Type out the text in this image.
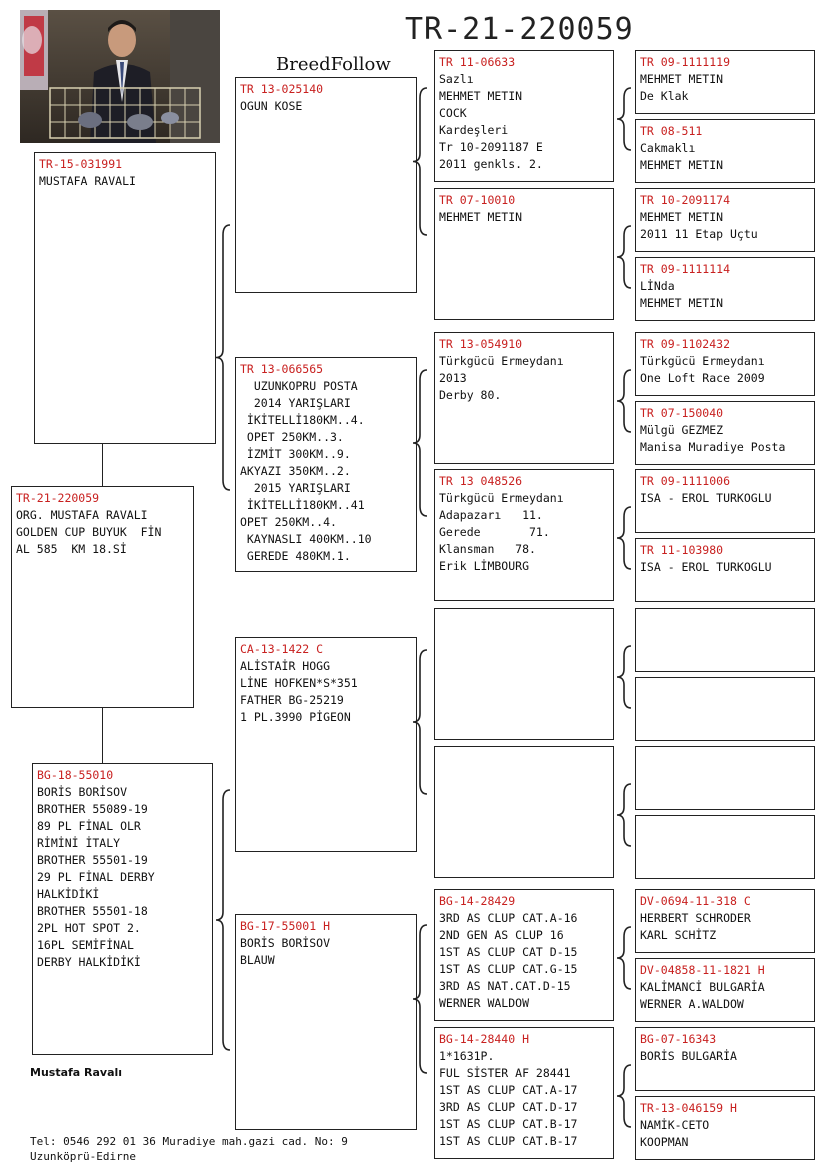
TR-21-220059
BreedFollow
TR-15-031991
MUSTAFA RAVALI
TR-21-220059
ORG. MUSTAFA RAVALI
GOLDEN CUP BUYUK  FİN
AL 585  KM 18.Sİ
BG-18-55010
BORİS BORİSOV
BROTHER 55089-19
89 PL FİNAL OLR
RİMİNİ İTALY
BROTHER 55501-19
29 PL FİNAL DERBY
HALKİDİKİ
BROTHER 55501-18
2PL HOT SPOT 2.
16PL SEMİFİNAL
DERBY HALKİDİKİ
TR 13-025140
OGUN KOSE
TR 13-066565
UZUNKOPRU POSTA
2014 YARIŞLARI
İKİTELLİ180KM..4.
OPET 250KM..3.
İZMİT 300KM..9.
AKYAZI 350KM..2.
2015 YARIŞLARI
İKİTELLİ180KM..41
OPET 250KM..4.
KAYNASLI 400KM..10
GEREDE 480KM.1.
CA-13-1422 C
ALİSTAİR HOGG
LİNE HOFKEN*S*351
FATHER BG-25219
1 PL.3990 PİGEON
BG-17-55001 H
BORİS BORİSOV
BLAUW
TR 11-06633
Sazlı
MEHMET METIN
COCK
Kardeşleri
Tr 10-2091187 E
2011 genkls. 2.
TR 07-10010
MEHMET METIN
TR 13-054910
Türkgücü Ermeydanı
2013
Derby 80.
TR 13 048526
Türkgücü Ermeydanı
Adapazarı   11.
Gerede       71.
Klansman   78.
Erik LİMBOURG
BG-14-28429
3RD AS CLUP CAT.A-16
2ND GEN AS CLUP 16
1ST AS CLUP CAT D-15
1ST AS CLUP CAT.G-15
3RD AS NAT.CAT.D-15
WERNER WALDOW
BG-14-28440 H
1*1631P.
FUL SİSTER AF 28441
1ST AS CLUP CAT.A-17
3RD AS CLUP CAT.D-17
1ST AS CLUP CAT.B-17
1ST AS CLUP CAT.B-17
TR 09-1111119
MEHMET METIN
De Klak
TR 08-511
Cakmaklı
MEHMET METIN
TR 10-2091174
MEHMET METIN
2011 11 Etap Uçtu
TR 09-1111114
LİNda
MEHMET METIN
TR 09-1102432
Türkgücü Ermeydanı
One Loft Race 2009
TR 07-150040
Mülgü GEZMEZ
Manisa Muradiye Posta
TR 09-1111006
ISA - EROL TURKOGLU
TR 11-103980
ISA - EROL TURKOGLU
DV-0694-11-318 C
HERBERT SCHRODER
KARL SCHİTZ
DV-04858-11-1821 H
KALİMANCİ BULGARİA
WERNER A.WALDOW
BG-07-16343
BORİS BULGARİA
TR-13-046159 H
NAMİK-CETO
KOOPMAN
Mustafa Ravalı
Tel: 0546 292 01 36 Muradiye mah.gazi cad. No: 9
Uzunköprü-Edirne
